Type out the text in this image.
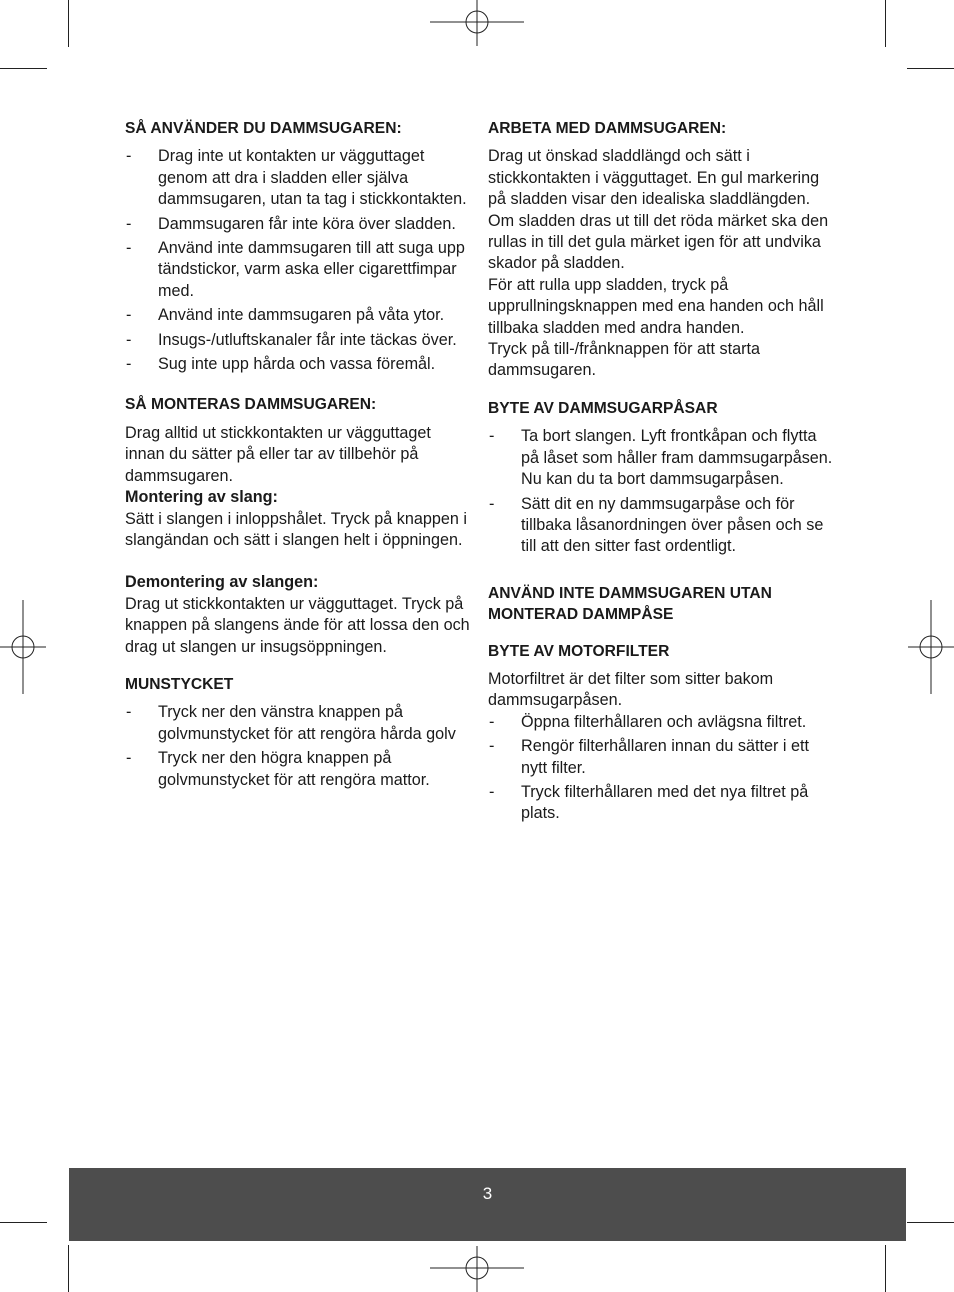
SÅ ANVÄNDER DU DAMMSUGAREN:
- Drag inte ut kontakten ur vägguttaget genom att dra i sladden eller själva dammsugaren, utan ta tag i stickkontakten.
- Dammsugaren får inte köra över sladden.
- Använd inte dammsugaren till att suga upp tändstickor, varm aska eller cigarettfimpar med.
- Använd inte dammsugaren på våta ytor.
- Insugs-/utluftskanaler får inte täckas över.
- Sug inte upp hårda och vassa föremål.
SÅ MONTERAS DAMMSUGAREN:

Drag alltid ut stickkontakten ur vägguttaget innan du sätter på eller tar av tillbehör på dammsugaren.

Montering av slang:

Sätt i slangen i inloppshålet. Tryck på knappen i slangändan och sätt i slangen helt i öppningen.

Demontering av slangen:

Drag ut stickkontakten ur vägguttaget. Tryck på knappen på slangens ände för att lossa den och drag ut slangen ur insugsöppningen.

MUNSTYCKET
- Tryck ner den vänstra knappen på golvmunstycket för att rengöra hårda golv
- Tryck ner den högra knappen på golvmunstycket för att rengöra mattor.
ARBETA MED DAMMSUGAREN:

Drag ut önskad sladdlängd och sätt i stickkontakten i vägguttaget. En gul markering på sladden visar den idealiska sladdlängden. Om sladden dras ut till det röda märket ska den rullas in till det gula märket igen för att undvika skador på sladden.

För att rulla upp sladden, tryck på upprullningsknappen med ena handen och håll tillbaka sladden med andra handen.

Tryck på till-/frånknappen för att starta dammsugaren.

BYTE AV DAMMSUGARPÅSAR
- Ta bort slangen. Lyft frontkåpan och flytta på låset som håller fram dammsugarpåsen. Nu kan du ta bort dammsugarpåsen.
- Sätt dit en ny dammsugarpåse och för tillbaka låsanordningen över påsen och se till att den sitter fast ordentligt.
ANVÄND INTE DAMMSUGAREN UTAN
MONTERAD DAMMPÅSE
BYTE AV MOTORFILTER

Motorfiltret är det filter som sitter bakom dammsugarpåsen.

- Öppna filterhållaren och avlägsna filtret.
- Rengör filterhållaren innan du sätter i ett nytt filter.
- Tryck filterhållaren med det nya filtret på plats.
3
